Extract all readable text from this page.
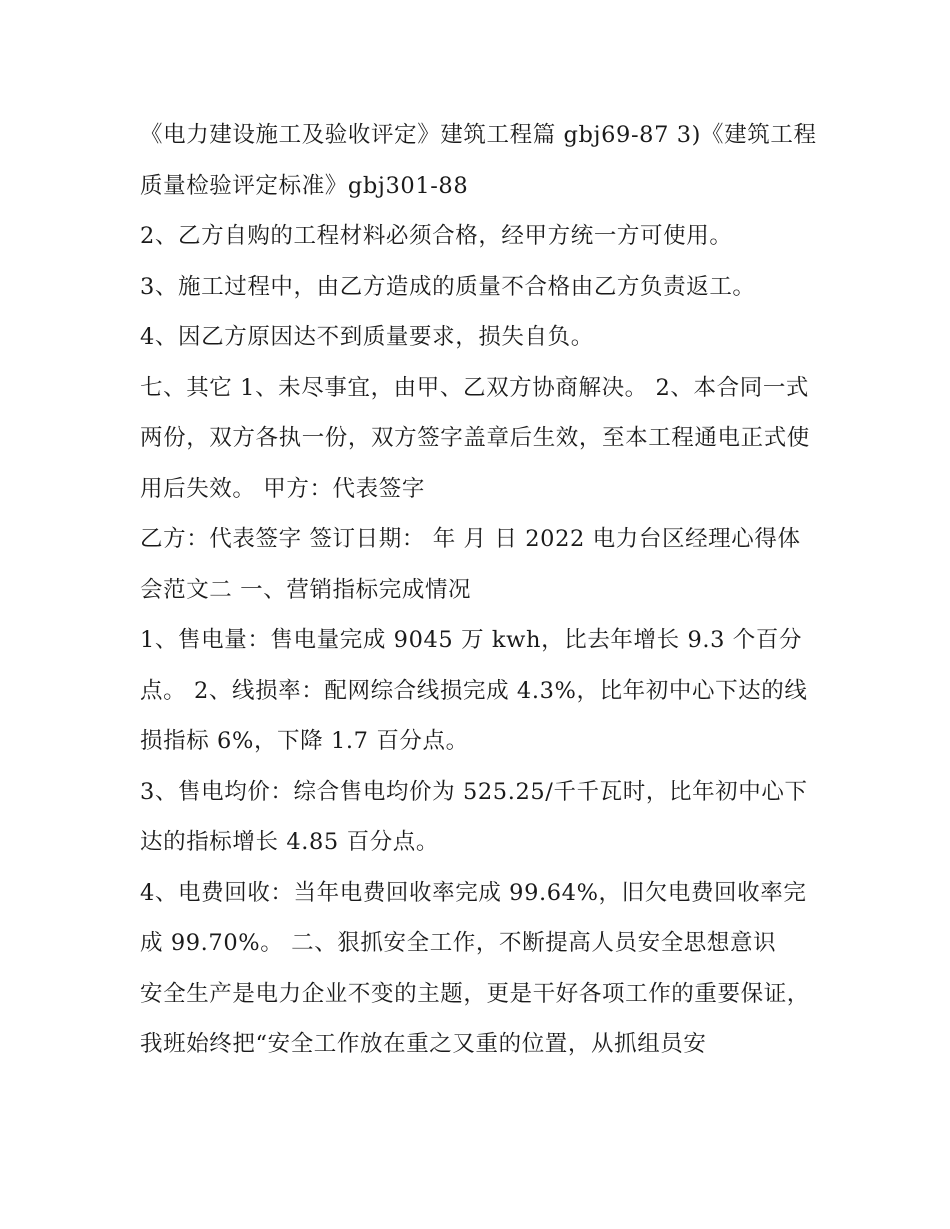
《电力建设施工及验收评定》建筑工程篇 gbj69-87 3)《建筑工程质量检验评定标准》gbj301-88

2、乙方自购的工程材料必须合格，经甲方统一方可使用。

3、施工过程中，由乙方造成的质量不合格由乙方负责返工。

4、因乙方原因达不到质量要求，损失自负。

七、其它 1、未尽事宜，由甲、乙双方协商解决。 2、本合同一式两份，双方各执一份，双方签字盖章后生效，至本工程通电正式使用后失效。 甲方：代表签字

乙方：代表签字 签订日期： 年 月 日 2022 电力台区经理心得体会范文二 一、营销指标完成情况

1、售电量：售电量完成 9045 万 kwh，比去年增长 9.3 个百分点。 2、线损率：配网综合线损完成 4.3%，比年初中心下达的线损指标 6%，下降 1.7 百分点。

3、售电均价：综合售电均价为 525.25/千千瓦时，比年初中心下达的指标增长 4.85 百分点。

4、电费回收：当年电费回收率完成 99.64%，旧欠电费回收率完成 99.70%。 二、狠抓安全工作，不断提高人员安全思想意识

安全生产是电力企业不变的主题，更是干好各项工作的重要保证，我班始终把“安全工作放在重之又重的位置，从抓组员安
